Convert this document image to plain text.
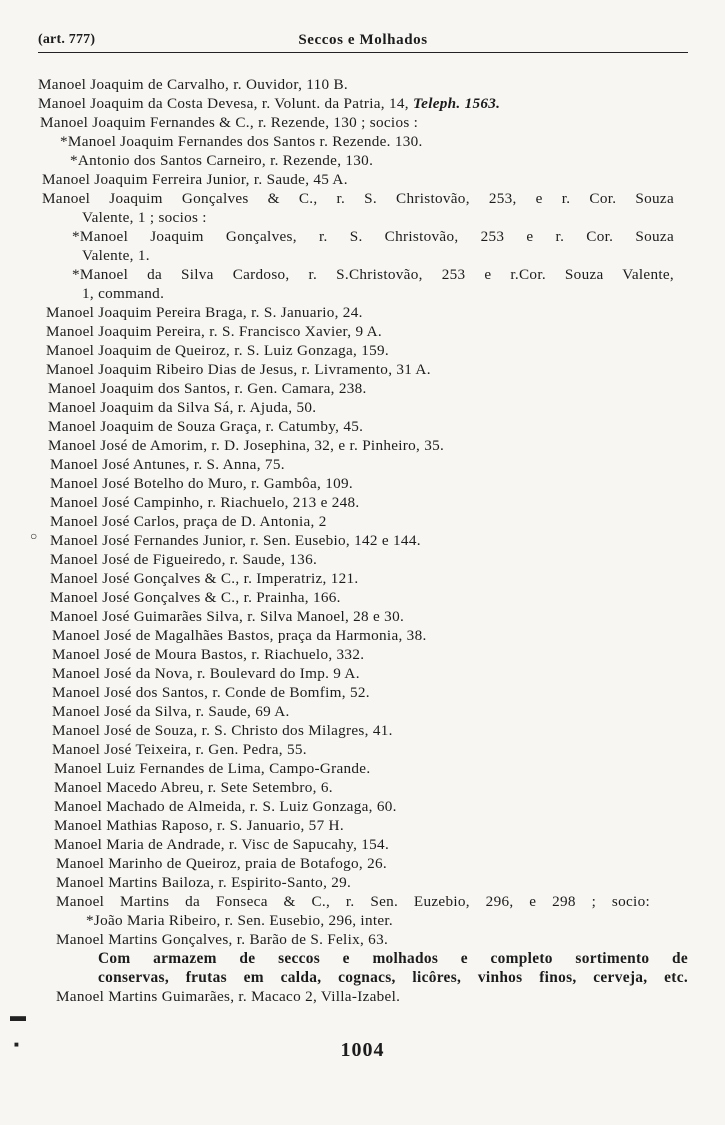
(art. 777)	Seccos e Molhados
Manoel Joaquim de Carvalho, r. Ouvidor, 110 B.
Manoel Joaquim da Costa Devesa, r. Volunt. da Patria, 14, Teleph. 1563.
Manoel Joaquim Fernandes & C., r. Rezende, 130 ; socios :
*Manoel Joaquim Fernandes dos Santos r. Rezende. 130.
*Antonio dos Santos Carneiro, r. Rezende, 130.
Manoel Joaquim Ferreira Junior, r. Saude, 45 A.
Manoel Joaquim Gonçalves & C., r. S. Christovão, 253, e r. Cor. Souza
Valente, 1 ; socios :
*Manoel Joaquim Gonçalves, r. S. Christovão, 253 e r. Cor. Souza
Valente, 1.
*Manoel da Silva Cardoso, r. S.Christovão, 253 e r.Cor. Souza Valente,
1, command.
Manoel Joaquim Pereira Braga, r. S. Januario, 24.
Manoel Joaquim Pereira, r. S. Francisco Xavier, 9 A.
Manoel Joaquim de Queiroz, r. S. Luiz Gonzaga, 159.
Manoel Joaquim Ribeiro Dias de Jesus, r. Livramento, 31 A.
Manoel Joaquim dos Santos, r. Gen. Camara, 238.
Manoel Joaquim da Silva Sá, r. Ajuda, 50.
Manoel Joaquim de Souza Graça, r. Catumby, 45.
Manoel José de Amorim, r. D. Josephina, 32, e r. Pinheiro, 35.
Manoel José Antunes, r. S. Anna, 75.
Manoel José Botelho do Muro, r. Gambôa, 109.
Manoel José Campinho, r. Riachuelo, 213 e 248.
Manoel José Carlos, praça de D. Antonia, 2
Manoel José Fernandes Junior, r. Sen. Eusebio, 142 e 144.
Manoel José de Figueiredo, r. Saude, 136.
Manoel José Gonçalves & C., r. Imperatriz, 121.
Manoel José Gonçalves & C., r. Prainha, 166.
Manoel José Guimarães Silva, r. Silva Manoel, 28 e 30.
Manoel José de Magalhães Bastos, praça da Harmonia, 38.
Manoel José de Moura Bastos, r. Riachuelo, 332.
Manoel José da Nova, r. Boulevard do Imp. 9 A.
Manoel José dos Santos, r. Conde de Bomfim, 52.
Manoel José da Silva, r. Saude, 69 A.
Manoel José de Souza, r. S. Christo dos Milagres, 41.
Manoel José Teixeira, r. Gen. Pedra, 55.
Manoel Luiz Fernandes de Lima, Campo-Grande.
Manoel Macedo Abreu, r. Sete Setembro, 6.
Manoel Machado de Almeida, r. S. Luiz Gonzaga, 60.
Manoel Mathias Raposo, r. S. Januario, 57 H.
Manoel Maria de Andrade, r. Visc de Sapucahy, 154.
Manoel Marinho de Queiroz, praia de Botafogo, 26.
Manoel Martins Bailoza, r. Espirito-Santo, 29.
Manoel Martins da Fonseca & C., r. Sen. Euzebio, 296, e 298 ; socio:
*João Maria Ribeiro, r. Sen. Eusebio, 296, inter.
Manoel Martins Gonçalves, r. Barão de S. Felix, 63.
Com armazem de seccos e molhados e completo sortimento de
conservas, frutas em calda, cognacs, licôres, vinhos finos, cerveja, etc.
Manoel Martins Guimarães, r. Macaco 2, Villa-Izabel.
1004
○
▬
■
